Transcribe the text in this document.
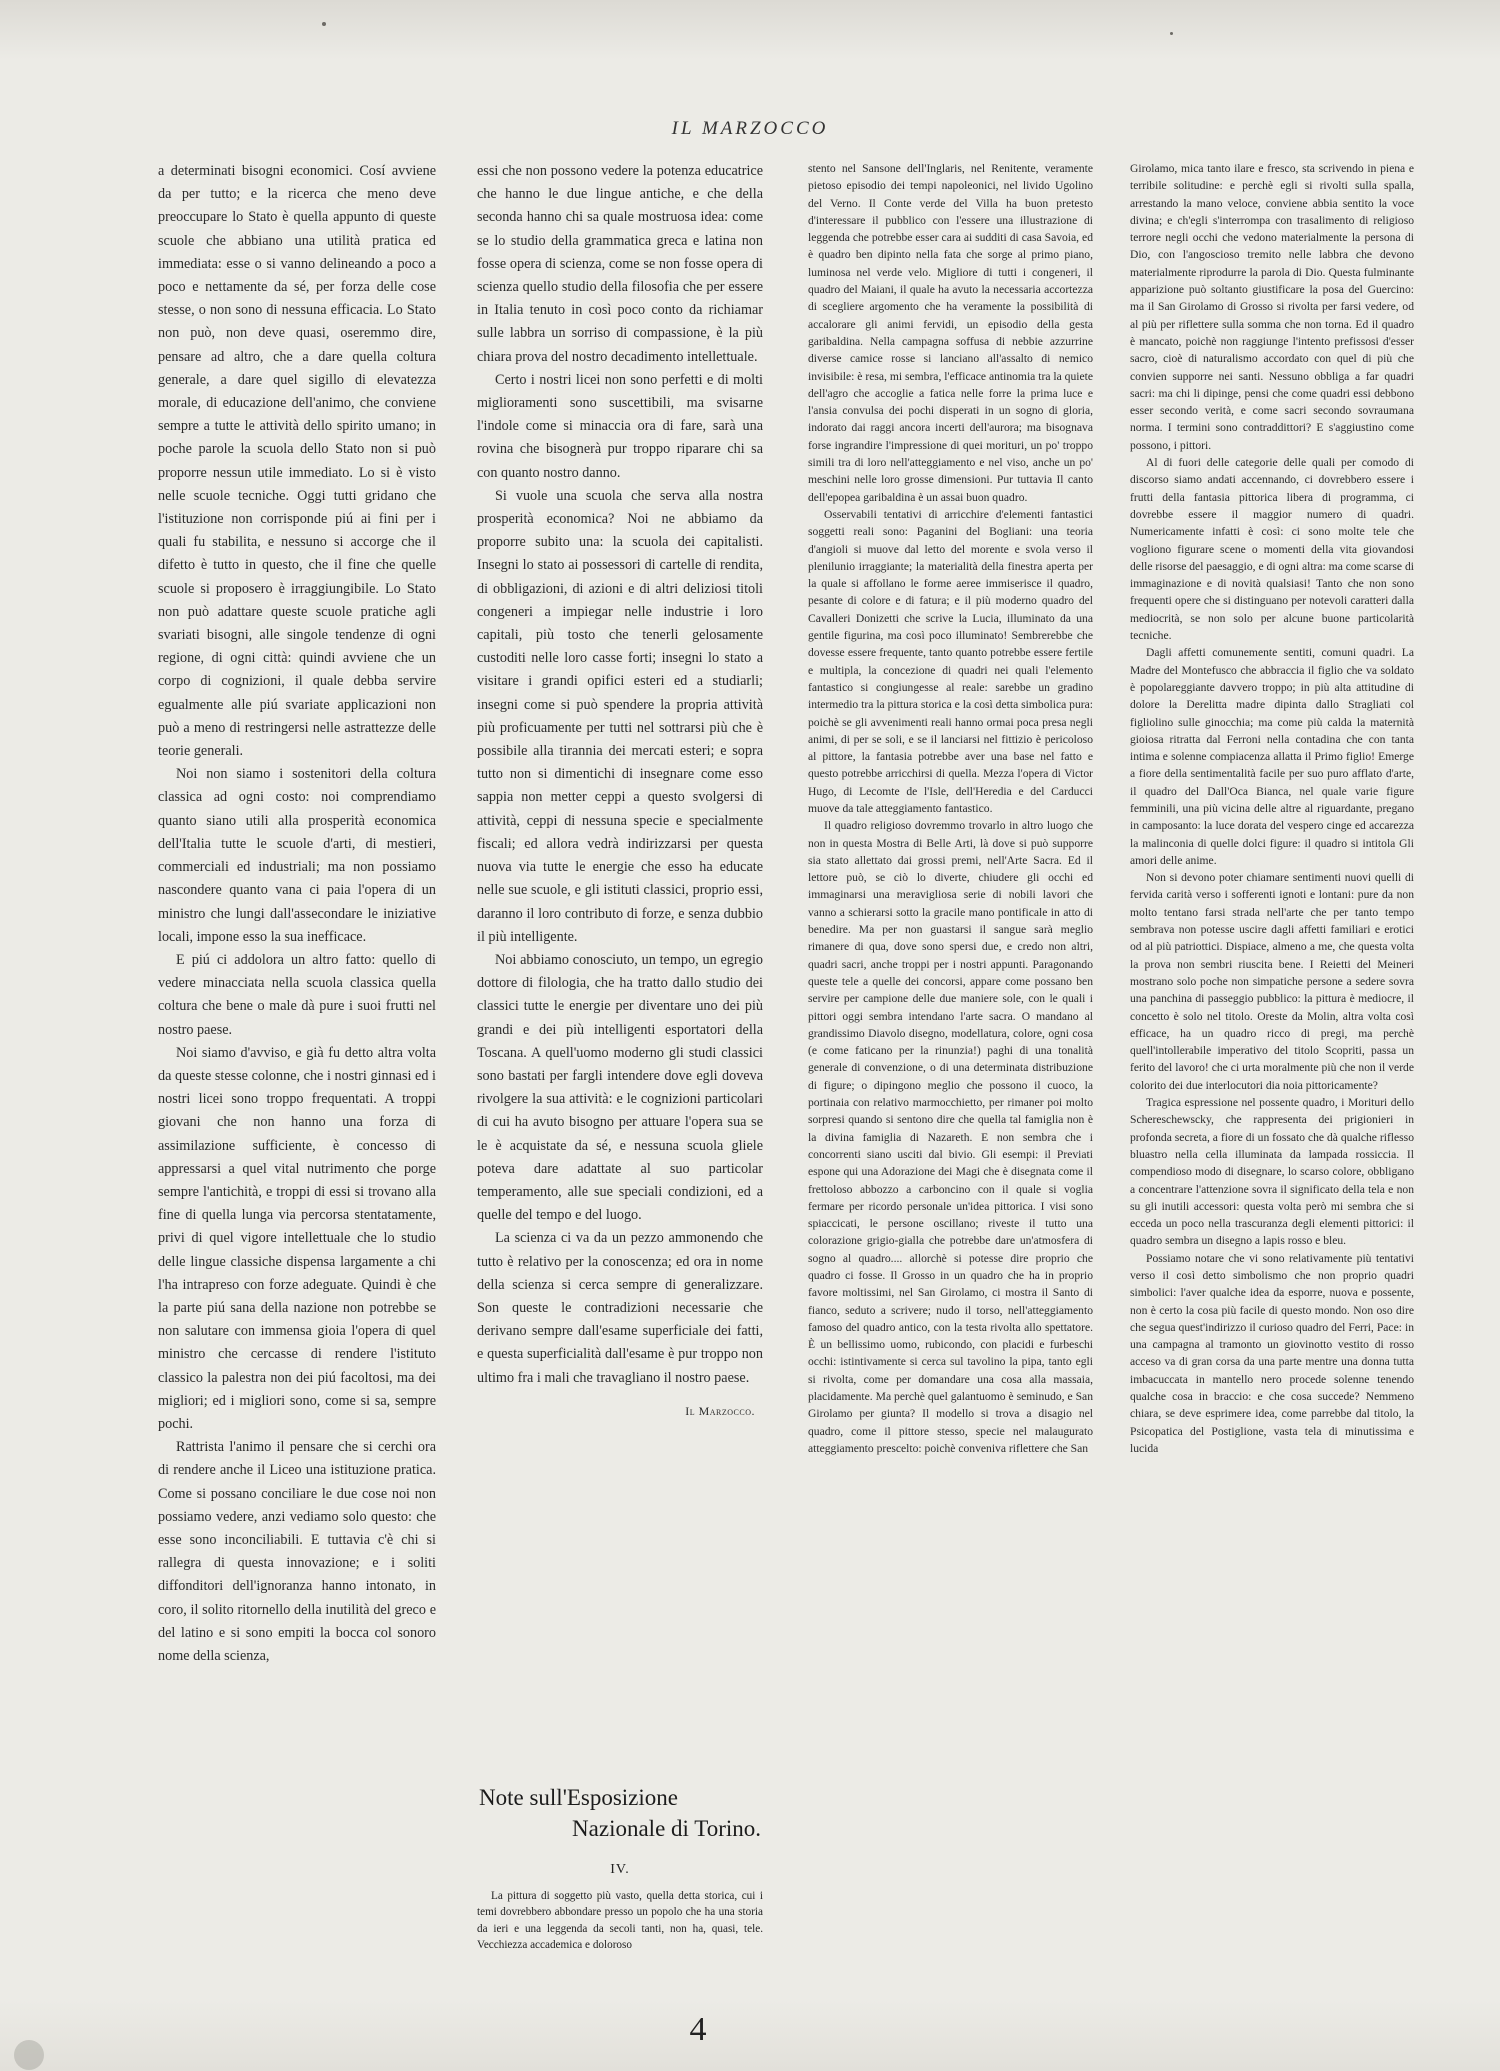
IL MARZOCCO

a determinati bisogni economici. Cosí avviene da per tutto; e la ricerca che meno deve preoccupare lo Stato è quella appunto di queste scuole che abbiano una utilità pratica ed immediata: esse o si vanno delineando a poco a poco e nettamente da sé, per forza delle cose stesse, o non sono di nessuna efficacia. Lo Stato non può, non deve quasi, oseremmo dire, pensare ad altro, che a dare quella coltura generale, a dare quel sigillo di elevatezza morale, di educazione dell'animo, che conviene sempre a tutte le attività dello spirito umano; in poche parole la scuola dello Stato non si può proporre nessun utile immediato. Lo si è visto nelle scuole tecniche. Oggi tutti gridano che l'istituzione non corrisponde piú ai fini per i quali fu stabilita, e nessuno si accorge che il difetto è tutto in questo, che il fine che quelle scuole si proposero è irraggiungibile. Lo Stato non può adattare queste scuole pratiche agli svariati bisogni, alle singole tendenze di ogni regione, di ogni città: quindi avviene che un corpo di cognizioni, il quale debba servire egualmente alle piú svariate applicazioni non può a meno di restringersi nelle astrattezze delle teorie generali.

Noi non siamo i sostenitori della coltura classica ad ogni costo: noi comprendiamo quanto siano utili alla prosperità economica dell'Italia tutte le scuole d'arti, di mestieri, commerciali ed industriali; ma non possiamo nascondere quanto vana ci paia l'opera di un ministro che lungi dall'assecondare le iniziative locali, impone esso la sua inefficace.

E piú ci addolora un altro fatto: quello di vedere minacciata nella scuola classica quella coltura che bene o male dà pure i suoi frutti nel nostro paese.

Noi siamo d'avviso, e già fu detto altra volta da queste stesse colonne, che i nostri ginnasi ed i nostri licei sono troppo frequentati. A troppi giovani che non hanno una forza di assimilazione sufficiente, è concesso di appressarsi a quel vital nutrimento che porge sempre l'antichità, e troppi di essi si trovano alla fine di quella lunga via percorsa stentatamente, privi di quel vigore intellettuale che lo studio delle lingue classiche dispensa largamente a chi l'ha intrapreso con forze adeguate. Quindi è che la parte piú sana della nazione non potrebbe se non salutare con immensa gioia l'opera di quel ministro che cercasse di rendere l'istituto classico la palestra non dei piú facoltosi, ma dei migliori; ed i migliori sono, come si sa, sempre pochi.

Rattrista l'animo il pensare che si cerchi ora di rendere anche il Liceo una istituzione pratica. Come si possano conciliare le due cose noi non possiamo vedere, anzi vediamo solo questo: che esse sono inconciliabili. E tuttavia c'è chi si rallegra di questa innovazione; e i soliti diffonditori dell'ignoranza hanno intonato, in coro, il solito ritornello della inutilità del greco e del latino e si sono empiti la bocca col sonoro nome della scienza,

essi che non possono vedere la potenza educatrice che hanno le due lingue antiche, e che della seconda hanno chi sa quale mostruosa idea: come se lo studio della grammatica greca e latina non fosse opera di scienza, come se non fosse opera di scienza quello studio della filosofia che per essere in Italia tenuto in così poco conto da richiamar sulle labbra un sorriso di compassione, è la più chiara prova del nostro decadimento intellettuale.

Certo i nostri licei non sono perfetti e di molti miglioramenti sono suscettibili, ma svisarne l'indole come si minaccia ora di fare, sarà una rovina che bisognerà pur troppo riparare chi sa con quanto nostro danno.

Si vuole una scuola che serva alla nostra prosperità economica? Noi ne abbiamo da proporre subito una: la scuola dei capitalisti. Insegni lo stato ai possessori di cartelle di rendita, di obbligazioni, di azioni e di altri deliziosi titoli congeneri a impiegar nelle industrie i loro capitali, più tosto che tenerli gelosamente custoditi nelle loro casse forti; insegni lo stato a visitare i grandi opifici esteri ed a studiarli; insegni come si può spendere la propria attività più proficuamente per tutti nel sottrarsi più che è possibile alla tirannia dei mercati esteri; e sopra tutto non si dimentichi di insegnare come esso sappia non metter ceppi a questo svolgersi di attività, ceppi di nessuna specie e specialmente fiscali; ed allora vedrà indirizzarsi per questa nuova via tutte le energie che esso ha educate nelle sue scuole, e gli istituti classici, proprio essi, daranno il loro contributo di forze, e senza dubbio il più intelligente.

Noi abbiamo conosciuto, un tempo, un egregio dottore di filologia, che ha tratto dallo studio dei classici tutte le energie per diventare uno dei più grandi e dei più intelligenti esportatori della Toscana. A quell'uomo moderno gli studi classici sono bastati per fargli intendere dove egli doveva rivolgere la sua attività: e le cognizioni particolari di cui ha avuto bisogno per attuare l'opera sua se le è acquistate da sé, e nessuna scuola gliele poteva dare adattate al suo particolar temperamento, alle sue speciali condizioni, ed a quelle del tempo e del luogo.

La scienza ci va da un pezzo ammonendo che tutto è relativo per la conoscenza; ed ora in nome della scienza si cerca sempre di generalizzare. Son queste le contradizioni necessarie che derivano sempre dall'esame superficiale dei fatti, e questa superficialità dall'esame è pur troppo non ultimo fra i mali che travagliano il nostro paese.

Il Marzocco.
Note sull'Esposizione
Nazionale di Torino.
IV.

La pittura di soggetto più vasto, quella detta storica, cui i temi dovrebbero abbondare presso un popolo che ha una storia da ieri e una leggenda da secoli tanti, non ha, quasi, tele. Vecchiezza accademica e doloroso

stento nel Sansone dell'Inglaris, nel Renitente, veramente pietoso episodio dei tempi napoleonici, nel livido Ugolino del Verno. Il Conte verde del Villa ha buon pretesto d'interessare il pubblico con l'essere una illustrazione di leggenda che potrebbe esser cara ai sudditi di casa Savoia, ed è quadro ben dipinto nella fata che sorge al primo piano, luminosa nel verde velo. Migliore di tutti i congeneri, il quadro del Maiani, il quale ha avuto la necessaria accortezza di scegliere argomento che ha veramente la possibilità di accalorare gli animi fervidi, un episodio della gesta garibaldina. Nella campagna soffusa di nebbie azzurrine diverse camice rosse si lanciano all'assalto di nemico invisibile: è resa, mi sembra, l'efficace antinomia tra la quiete dell'agro che accoglie a fatica nelle forre la prima luce e l'ansia convulsa dei pochi disperati in un sogno di gloria, indorato dai raggi ancora incerti dell'aurora; ma bisognava forse ingrandire l'impressione di quei morituri, un po' troppo simili tra di loro nell'atteggiamento e nel viso, anche un po' meschini nelle loro grosse dimensioni. Pur tuttavia Il canto dell'epopea garibaldina è un assai buon quadro.

Osservabili tentativi di arricchire d'elementi fantastici soggetti reali sono: Paganini del Bogliani: una teoria d'angioli si muove dal letto del morente e svola verso il plenilunio irraggiante; la materialità della finestra aperta per la quale si affollano le forme aeree immiserisce il quadro, pesante di colore e di fatura; e il più moderno quadro del Cavalleri Donizetti che scrive la Lucia, illuminato da una gentile figurina, ma così poco illuminato! Sembrerebbe che dovesse essere frequente, tanto quanto potrebbe essere fertile e multipla, la concezione di quadri nei quali l'elemento fantastico si congiungesse al reale: sarebbe un gradino intermedio tra la pittura storica e la così detta simbolica pura: poichè se gli avvenimenti reali hanno ormai poca presa negli animi, di per se soli, e se il lanciarsi nel fittizio è pericoloso al pittore, la fantasia potrebbe aver una base nel fatto e questo potrebbe arricchirsi di quella. Mezza l'opera di Victor Hugo, di Lecomte de l'Isle, dell'Heredia e del Carducci muove da tale atteggiamento fantastico.

Il quadro religioso dovremmo trovarlo in altro luogo che non in questa Mostra di Belle Arti, là dove si può supporre sia stato allettato dai grossi premi, nell'Arte Sacra. Ed il lettore può, se ciò lo diverte, chiudere gli occhi ed immaginarsi una meravigliosa serie di nobili lavori che vanno a schierarsi sotto la gracile mano pontificale in atto di benedire. Ma per non guastarsi il sangue sarà meglio rimanere di qua, dove sono spersi due, e credo non altri, quadri sacri, anche troppi per i nostri appunti. Paragonando queste tele a quelle dei concorsi, appare come possano ben servire per campione delle due maniere sole, con le quali i pittori oggi sembra intendano l'arte sacra. O mandano al grandissimo Diavolo disegno, modellatura, colore, ogni cosa (e come faticano per la rinunzia!) paghi di una tonalità generale di convenzione, o di una determinata distribuzione di figure; o dipingono meglio che possono il cuoco, la portinaia con relativo marmocchietto, per rimaner poi molto sorpresi quando si sentono dire che quella tal famiglia non è la divina famiglia di Nazareth. E non sembra che i concorrenti siano usciti dal bivio. Gli esempi: il Previati espone qui una Adorazione dei Magi che è disegnata come il frettoloso abbozzo a carboncino con il quale si voglia fermare per ricordo personale un'idea pittorica. I visi sono spiaccicati, le persone oscillano; riveste il tutto una colorazione grigio-gialla che potrebbe dare un'atmosfera di sogno al quadro.... allorchè si potesse dire proprio che quadro ci fosse. Il Grosso in un quadro che ha in proprio favore moltissimi, nel San Girolamo, ci mostra il Santo di fianco, seduto a scrivere; nudo il torso, nell'atteggiamento famoso del quadro antico, con la testa rivolta allo spettatore. È un bellissimo uomo, rubicondo, con placidi e furbeschi occhi: istintivamente si cerca sul tavolino la pipa, tanto egli si rivolta, come per domandare una cosa alla massaia, placidamente. Ma perchè quel galantuomo è seminudo, e San Girolamo per giunta? Il modello si trova a disagio nel quadro, come il pittore stesso, specie nel malaugurato atteggiamento prescelto: poichè conveniva riflettere che San

Girolamo, mica tanto ilare e fresco, sta scrivendo in piena e terribile solitudine: e perchè egli si rivolti sulla spalla, arrestando la mano veloce, conviene abbia sentito la voce divina; e ch'egli s'interrompa con trasalimento di religioso terrore negli occhi che vedono materialmente la persona di Dio, con l'angoscioso tremito nelle labbra che devono materialmente riprodurre la parola di Dio. Questa fulminante apparizione può soltanto giustificare la posa del Guercino: ma il San Girolamo di Grosso si rivolta per farsi vedere, od al più per riflettere sulla somma che non torna. Ed il quadro è mancato, poichè non raggiunge l'intento prefissosi d'esser sacro, cioè di naturalismo accordato con quel di più che convien supporre nei santi. Nessuno obbliga a far quadri sacri: ma chi li dipinge, pensi che come quadri essi debbono esser secondo verità, e come sacri secondo sovraumana norma. I termini sono contraddittori? E s'aggiustino come possono, i pittori.

Al di fuori delle categorie delle quali per comodo di discorso siamo andati accennando, ci dovrebbero essere i frutti della fantasia pittorica libera di programma, ci dovrebbe essere il maggior numero di quadri. Numericamente infatti è così: ci sono molte tele che vogliono figurare scene o momenti della vita giovandosi delle risorse del paesaggio, e di ogni altra: ma come scarse di immaginazione e di novità qualsiasi! Tanto che non sono frequenti opere che si distinguano per notevoli caratteri dalla mediocrità, se non solo per alcune buone particolarità tecniche.

Dagli affetti comunemente sentiti, comuni quadri. La Madre del Montefusco che abbraccia il figlio che va soldato è popolareggiante davvero troppo; in più alta attitudine di dolore la Derelitta madre dipinta dallo Stragliati col figliolino sulle ginocchia; ma come più calda la maternità gioiosa ritratta dal Ferroni nella contadina che con tanta intima e solenne compiacenza allatta il Primo figlio! Emerge a fiore della sentimentalità facile per suo puro afflato d'arte, il quadro del Dall'Oca Bianca, nel quale varie figure femminili, una più vicina delle altre al riguardante, pregano in camposanto: la luce dorata del vespero cinge ed accarezza la malinconia di quelle dolci figure: il quadro si intitola Gli amori delle anime.

Non si devono poter chiamare sentimenti nuovi quelli di fervida carità verso i sofferenti ignoti e lontani: pure da non molto tentano farsi strada nell'arte che per tanto tempo sembrava non potesse uscire dagli affetti familiari e erotici od al più patriottici. Dispiace, almeno a me, che questa volta la prova non sembri riuscita bene. I Reietti del Meineri mostrano solo poche non simpatiche persone a sedere sovra una panchina di passeggio pubblico: la pittura è mediocre, il concetto è solo nel titolo. Oreste da Molin, altra volta così efficace, ha un quadro ricco di pregi, ma perchè quell'intollerabile imperativo del titolo Scopriti, passa un ferito del lavoro! che ci urta moralmente più che non il verde colorito dei due interlocutori dia noia pittoricamente?

Tragica espressione nel possente quadro, i Morituri dello Schereschewscky, che rappresenta dei prigionieri in profonda secreta, a fiore di un fossato che dà qualche riflesso bluastro nella cella illuminata da lampada rossiccia. Il compendioso modo di disegnare, lo scarso colore, obbligano a concentrare l'attenzione sovra il significato della tela e non su gli inutili accessori: questa volta però mi sembra che si ecceda un poco nella trascuranza degli elementi pittorici: il quadro sembra un disegno a lapis rosso e bleu.

Possiamo notare che vi sono relativamente più tentativi verso il così detto simbolismo che non proprio quadri simbolici: l'aver qualche idea da esporre, nuova e possente, non è certo la cosa più facile di questo mondo. Non oso dire che segua quest'indirizzo il curioso quadro del Ferri, Pace: in una campagna al tramonto un giovinotto vestito di rosso acceso va di gran corsa da una parte mentre una donna tutta imbacuccata in mantello nero procede solenne tenendo qualche cosa in braccio: e che cosa succede? Nemmeno chiara, se deve esprimere idea, come parrebbe dal titolo, la Psicopatica del Postiglione, vasta tela di minutissima e lucida

4
